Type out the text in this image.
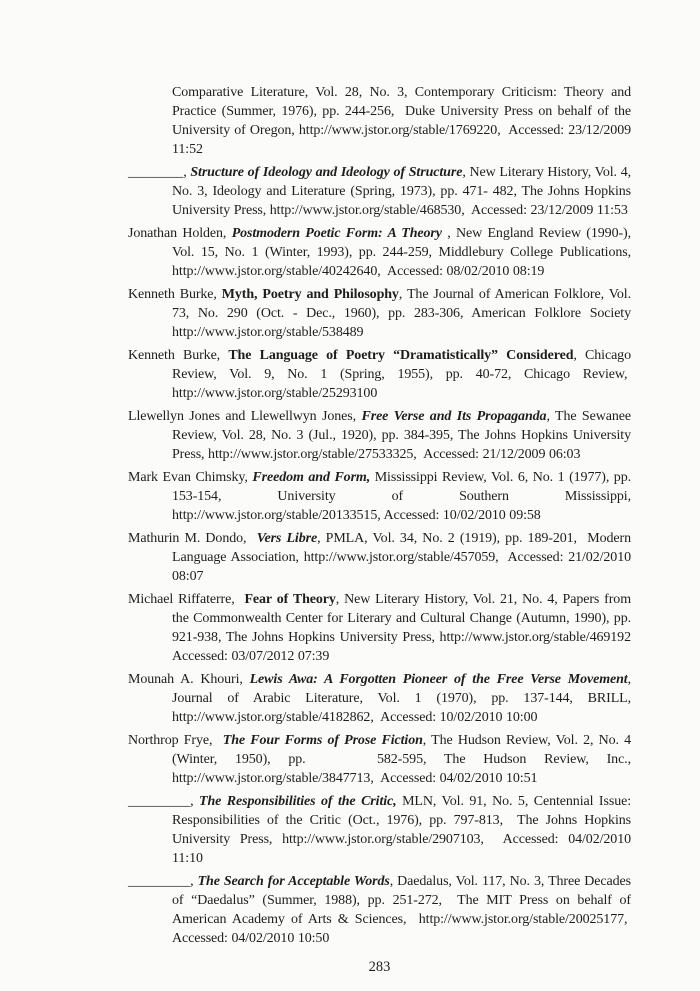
Comparative Literature, Vol. 28, No. 3, Contemporary Criticism: Theory and Practice (Summer, 1976), pp. 244-256,  Duke University Press on behalf of the University of Oregon, http://www.jstor.org/stable/1769220,  Accessed: 23/12/2009 11:52

________, Structure of Ideology and Ideology of Structure, New Literary History, Vol. 4, No. 3, Ideology and Literature (Spring, 1973), pp. 471- 482, The Johns Hopkins University Press, http://www.jstor.org/stable/468530,  Accessed: 23/12/2009 11:53

Jonathan Holden, Postmodern Poetic Form: A Theory , New England Review (1990-), Vol. 15, No. 1 (Winter, 1993), pp. 244-259, Middlebury College Publications, http://www.jstor.org/stable/40242640,  Accessed: 08/02/2010 08:19

Kenneth Burke, Myth, Poetry and Philosophy, The Journal of American Folklore, Vol. 73, No. 290 (Oct. - Dec., 1960), pp. 283-306, American Folklore Society http://www.jstor.org/stable/538489

Kenneth Burke, The Language of Poetry “Dramatistically” Considered, Chicago Review, Vol. 9, No. 1 (Spring, 1955), pp. 40-72, Chicago Review,  http://www.jstor.org/stable/25293100

Llewellyn Jones and Llewellwyn Jones, Free Verse and Its Propaganda, The Sewanee Review, Vol. 28, No. 3 (Jul., 1920), pp. 384-395, The Johns Hopkins University Press, http://www.jstor.org/stable/27533325,  Accessed: 21/12/2009 06:03

Mark Evan Chimsky, Freedom and Form, Mississippi Review, Vol. 6, No. 1 (1977), pp. 153-154, University of Southern Mississippi, http://www.jstor.org/stable/20133515, Accessed: 10/02/2010 09:58

Mathurin M. Dondo,  Vers Libre, PMLA, Vol. 34, No. 2 (1919), pp. 189-201,  Modern Language Association, http://www.jstor.org/stable/457059,  Accessed: 21/02/2010 08:07

Michael Riffaterre,  Fear of Theory, New Literary History, Vol. 21, No. 4, Papers from the Commonwealth Center for Literary and Cultural Change (Autumn, 1990), pp. 921-938, The Johns Hopkins University Press, http://www.jstor.org/stable/469192 Accessed: 03/07/2012 07:39

Mounah A. Khouri, Lewis Awa: A Forgotten Pioneer of the Free Verse Movement, Journal of Arabic Literature, Vol. 1 (1970), pp. 137-144, BRILL, http://www.jstor.org/stable/4182862,  Accessed: 10/02/2010 10:00

Northrop Frye,  The Four Forms of Prose Fiction, The Hudson Review, Vol. 2, No. 4 (Winter, 1950), pp.    582-595, The Hudson Review, Inc., http://www.jstor.org/stable/3847713,  Accessed: 04/02/2010 10:51

_________, The Responsibilities of the Critic, MLN, Vol. 91, No. 5, Centennial Issue: Responsibilities of the Critic (Oct., 1976), pp. 797-813,  The Johns Hopkins University Press, http://www.jstor.org/stable/2907103,  Accessed: 04/02/2010 11:10

_________, The Search for Acceptable Words, Daedalus, Vol. 117, No. 3, Three Decades of “Daedalus” (Summer, 1988), pp. 251-272,  The MIT Press on behalf of American Academy of Arts & Sciences,  http://www.jstor.org/stable/20025177,  Accessed: 04/02/2010 10:50

283
